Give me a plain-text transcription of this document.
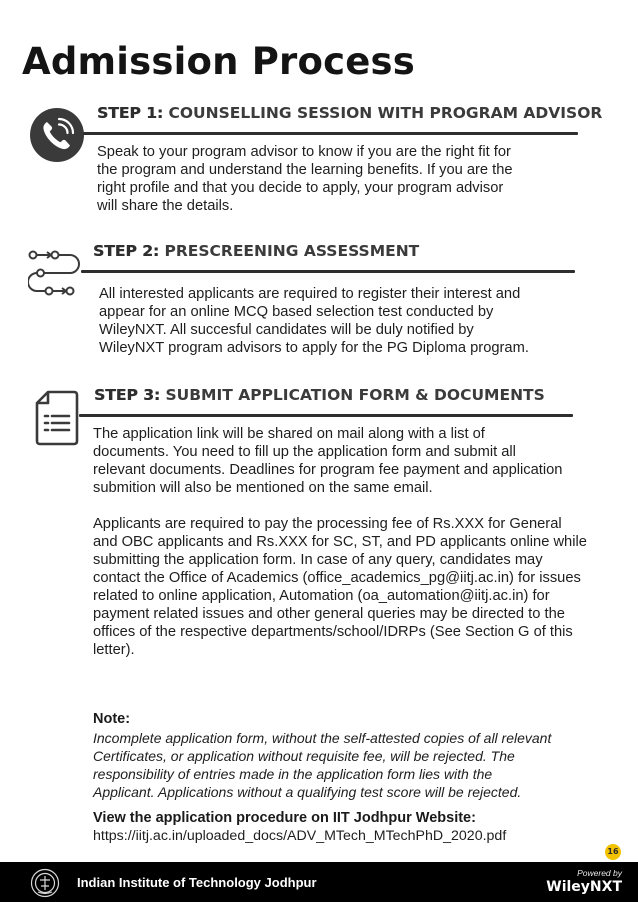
Admission Process
STEP 1: COUNSELLING SESSION WITH PROGRAM ADVISOR
Speak to your program advisor to know if you are the right fit for
the program and understand the learning benefits. If you are the
right profile and that you decide to apply, your program advisor
will share the details.
STEP 2: PRESCREENING ASSESSMENT
All interested applicants are required to register their interest and
appear for an online MCQ based selection test conducted by
WileyNXT. All succesful candidates will be duly notified by
WileyNXT program advisors to apply for the PG Diploma program.
STEP 3: SUBMIT APPLICATION FORM & DOCUMENTS
The application link will be shared on mail along with a list of
documents. You need to fill up the application form and submit all
relevant documents. Deadlines for program fee payment and application
submition will also be mentioned on the same email.
Applicants are required to pay the processing fee of Rs.XXX for General
and OBC applicants and Rs.XXX for SC, ST, and PD applicants online while
submitting the application form. In case of any query, candidates may
contact the Office of Academics (office_academics_pg@iitj.ac.in) for issues
related to online application, Automation (oa_automation@iitj.ac.in) for
payment related issues and other general queries may be directed to the
offices of the respective departments/school/IDRPs (See Section G of this
letter).
Note:
Incomplete application form, without the self-attested copies of all relevant
Certificates, or application without requisite fee, will be rejected. The
responsibility of entries made in the application form lies with the
Applicant. Applications without a qualifying test score will be rejected.
View the application procedure on IIT Jodhpur Website:
https://iitj.ac.in/uploaded_docs/ADV_MTech_MTechPhD_2020.pdf
16
Indian Institute of Technology Jodhpur
Powered by
WileyNXT
